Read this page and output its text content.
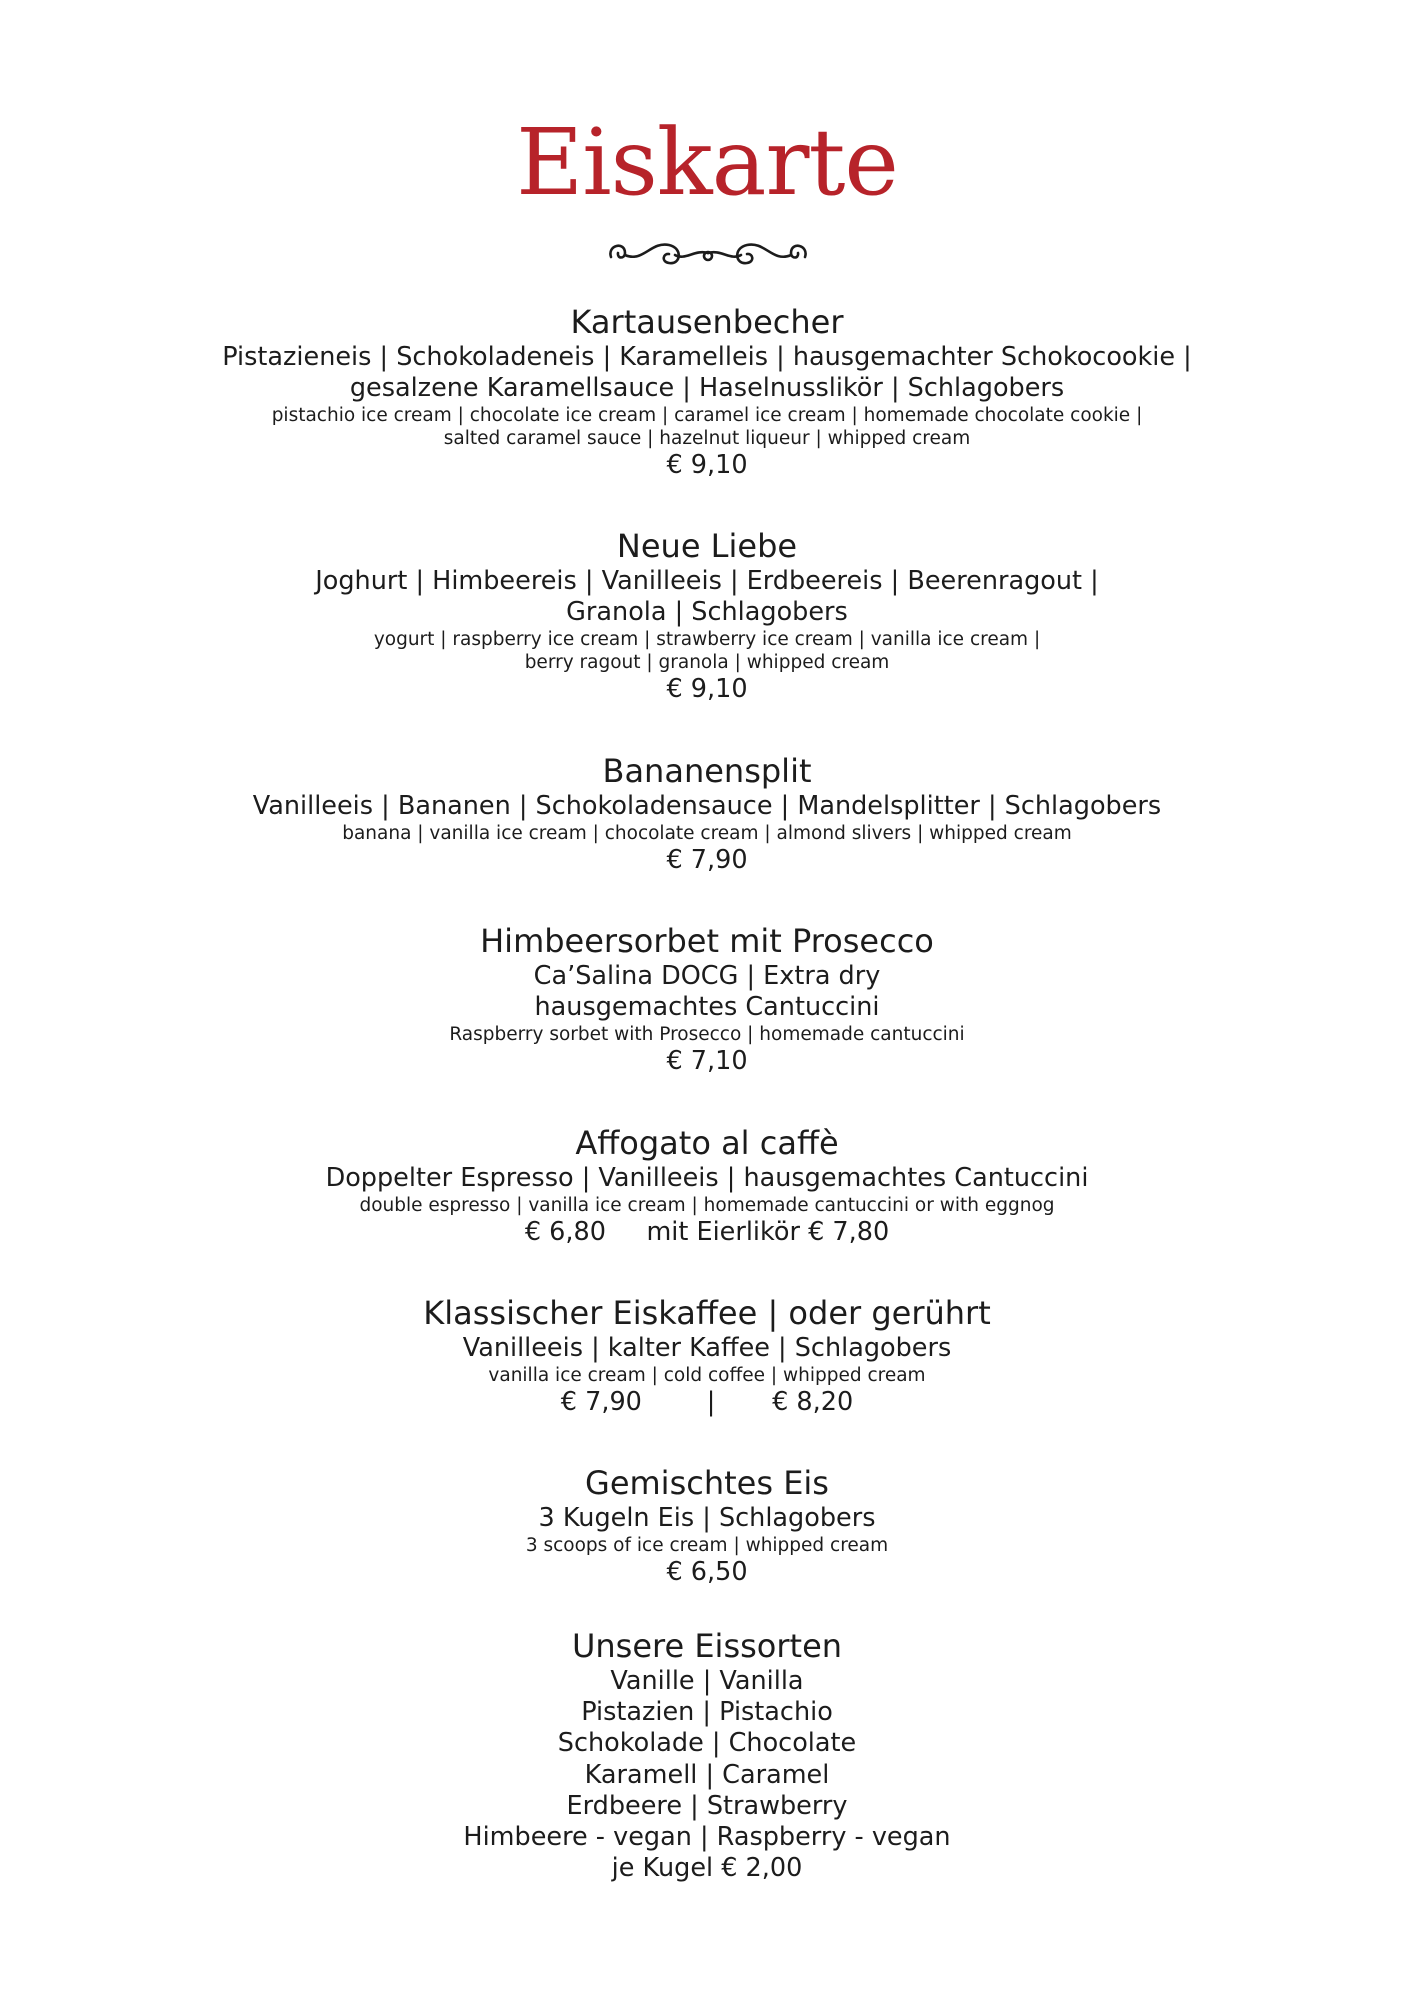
Eiskarte
Kartausenbecher
Pistazieneis | Schokoladeneis | Karamelleis | hausgemachter Schokocookie |
gesalzene Karamellsauce | Haselnusslikör | Schlagobers
pistachio ice cream | chocolate ice cream | caramel ice cream | homemade chocolate cookie |
salted caramel sauce | hazelnut liqueur | whipped cream
€ 9,10
Neue Liebe
Joghurt | Himbeereis | Vanilleeis | Erdbeereis | Beerenragout |
Granola | Schlagobers
yogurt | raspberry ice cream | strawberry ice cream | vanilla ice cream |
berry ragout | granola | whipped cream
€ 9,10
Bananensplit
Vanilleeis | Bananen | Schokoladensauce | Mandelsplitter | Schlagobers
banana | vanilla ice cream | chocolate cream | almond slivers | whipped cream
€ 7,90
Himbeersorbet mit Prosecco
Ca’Salina DOCG | Extra dry
hausgemachtes Cantuccini
Raspberry sorbet with Prosecco | homemade cantuccini
€ 7,10
Affogato al caffè
Doppelter Espresso | Vanilleeis | hausgemachtes Cantuccini
double espresso | vanilla ice cream | homemade cantuccini or with eggnog
€ 6,80     mit Eierlikör € 7,80
Klassischer Eiskaffee | oder gerührt
Vanilleeis | kalter Kaffee | Schlagobers
vanilla ice cream | cold coffee | whipped cream
€ 7,90        |       € 8,20
Gemischtes Eis
3 Kugeln Eis | Schlagobers
3 scoops of ice cream | whipped cream
€ 6,50
Unsere Eissorten
Vanille | Vanilla
Pistazien | Pistachio
Schokolade | Chocolate
Karamell | Caramel
Erdbeere | Strawberry
Himbeere - vegan | Raspberry - vegan
je Kugel € 2,00
